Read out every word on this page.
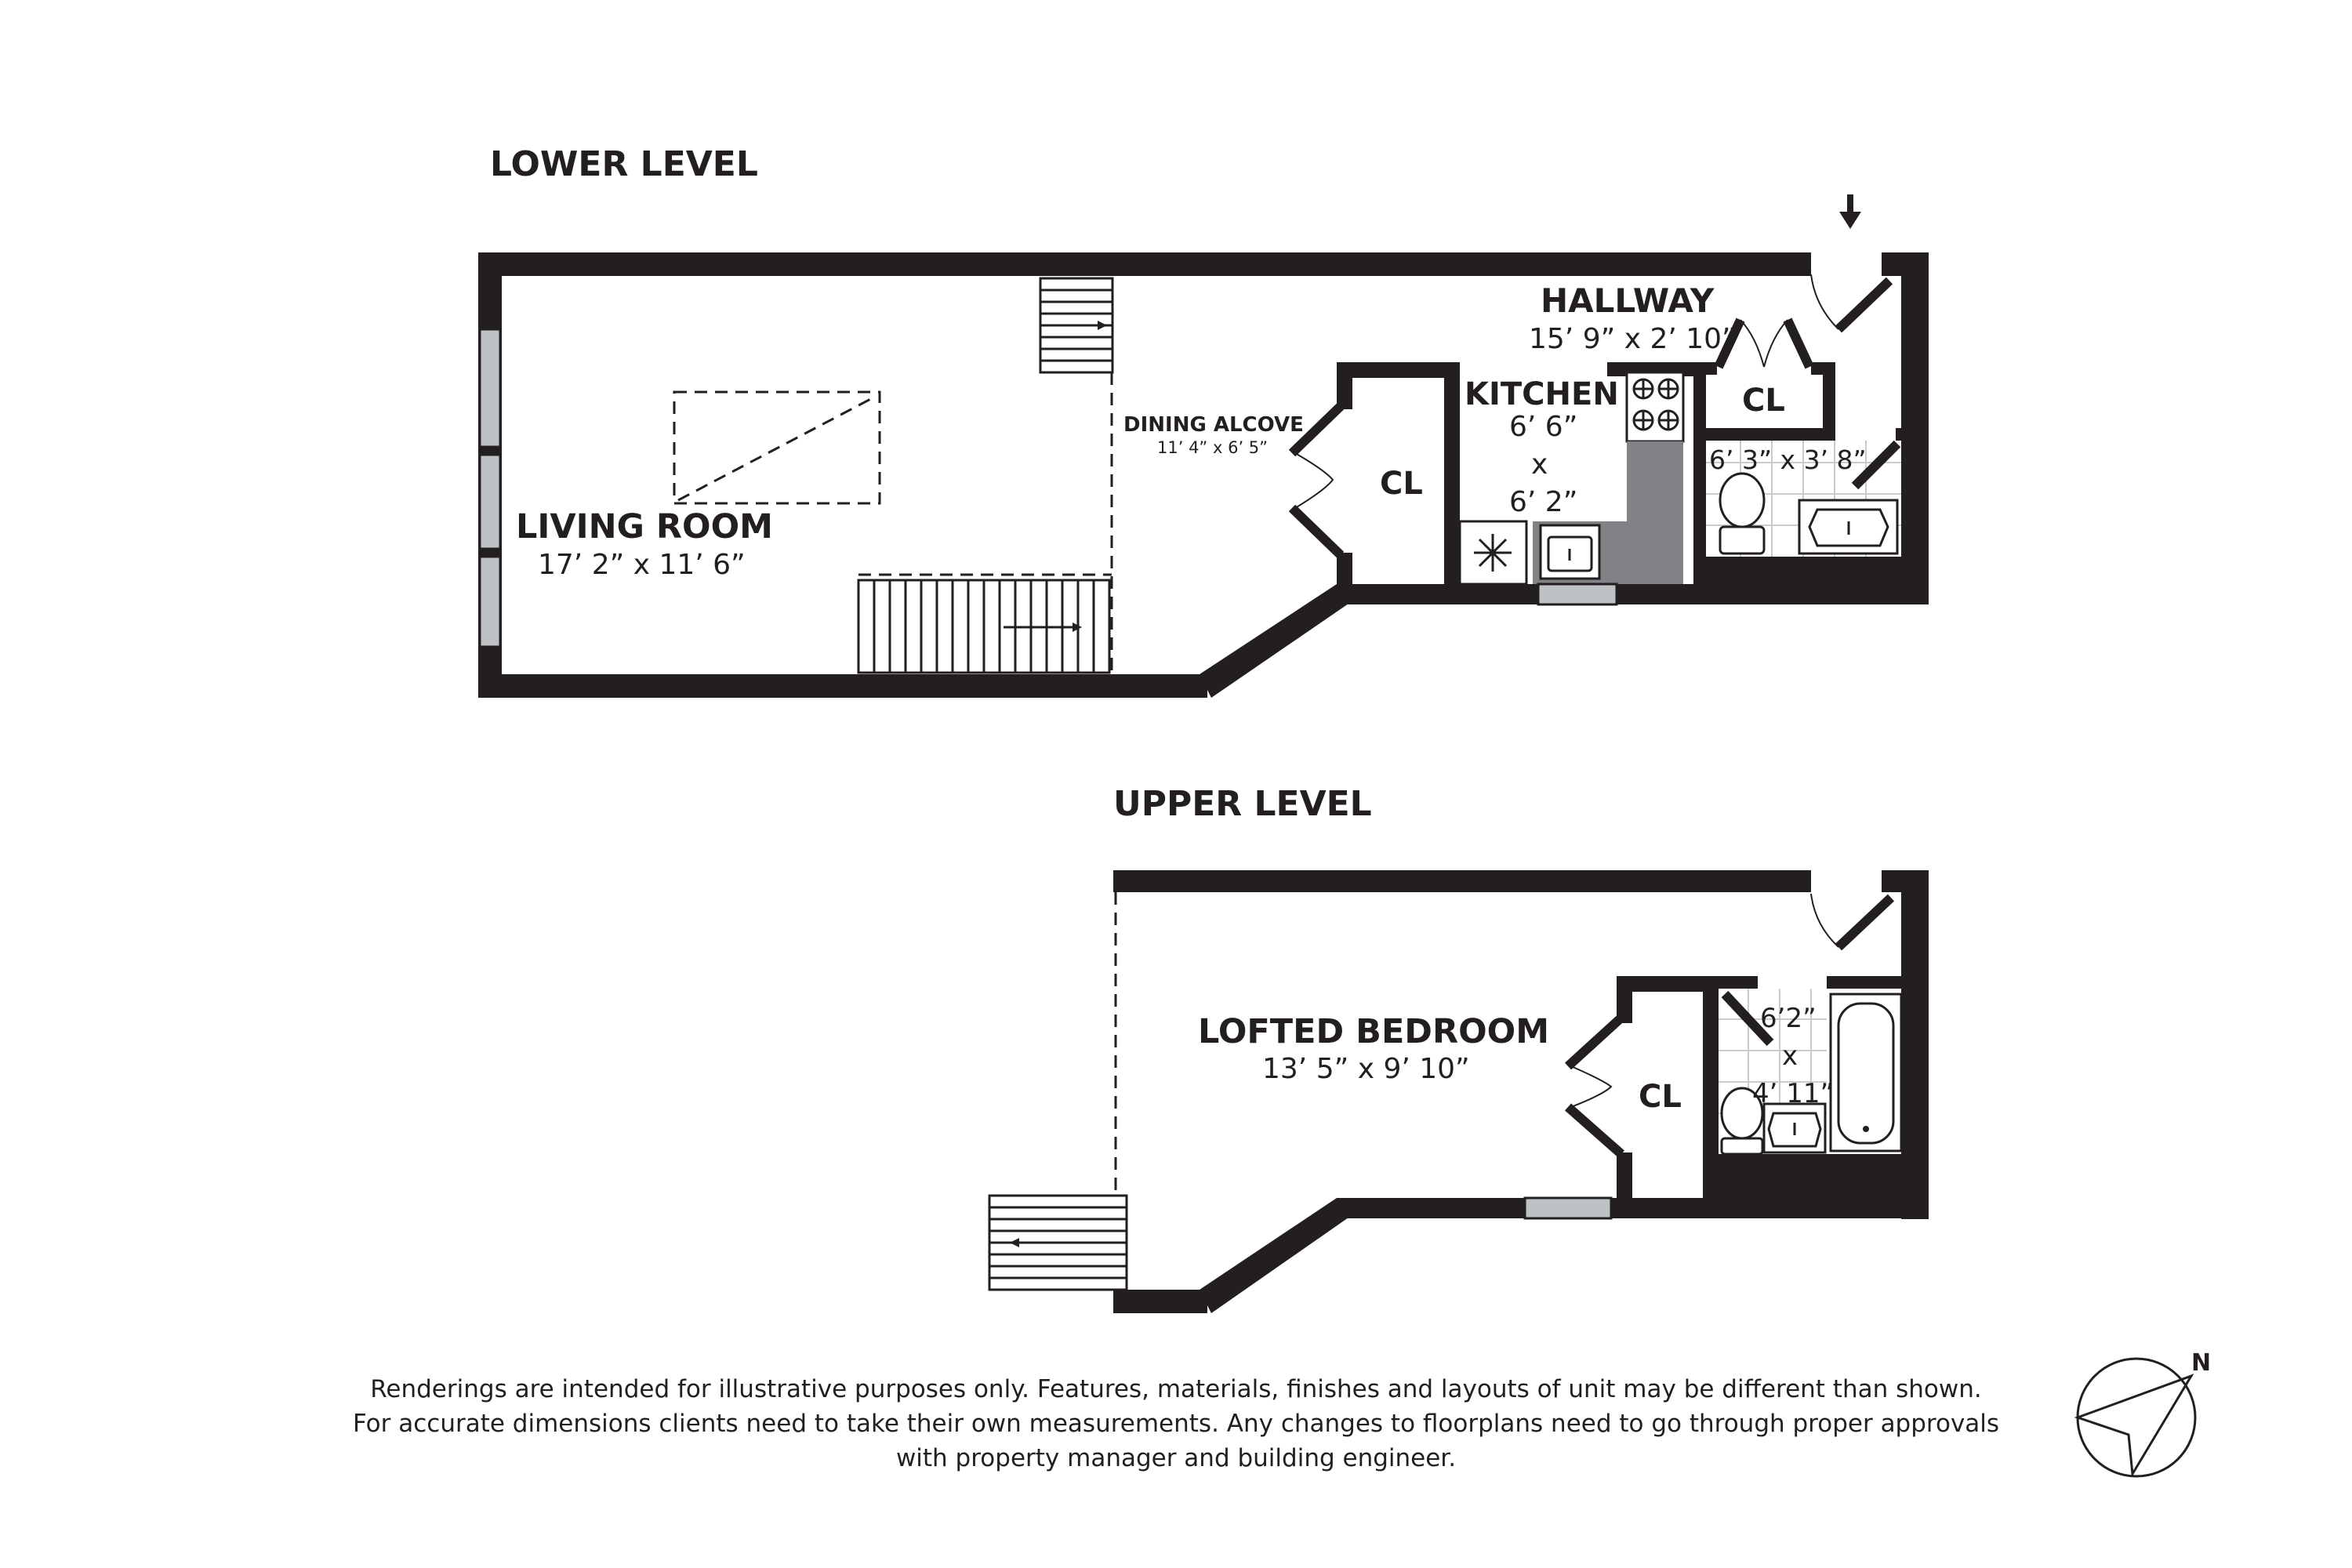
LOWER LEVEL
LIVING ROOM
17’ 2” x 11’ 6”
DINING ALCOVE
11’ 4” x 6’ 5”
CL
KITCHEN
6’ 6”
x
6’ 2”
HALLWAY
15’ 9” x 2’ 10”
CL
6’ 3” x 3’ 8”
UPPER LEVEL
LOFTED BEDROOM
13’ 5” x 9’ 10”
CL
6’2”
x
4’ 11”
N
Renderings are intended for illustrative purposes only. Features, materials, finishes and layouts of unit may be different than shown.
For accurate dimensions clients need to take their own measurements. Any changes to floorplans need to go through proper approvals
with property manager and building engineer.
